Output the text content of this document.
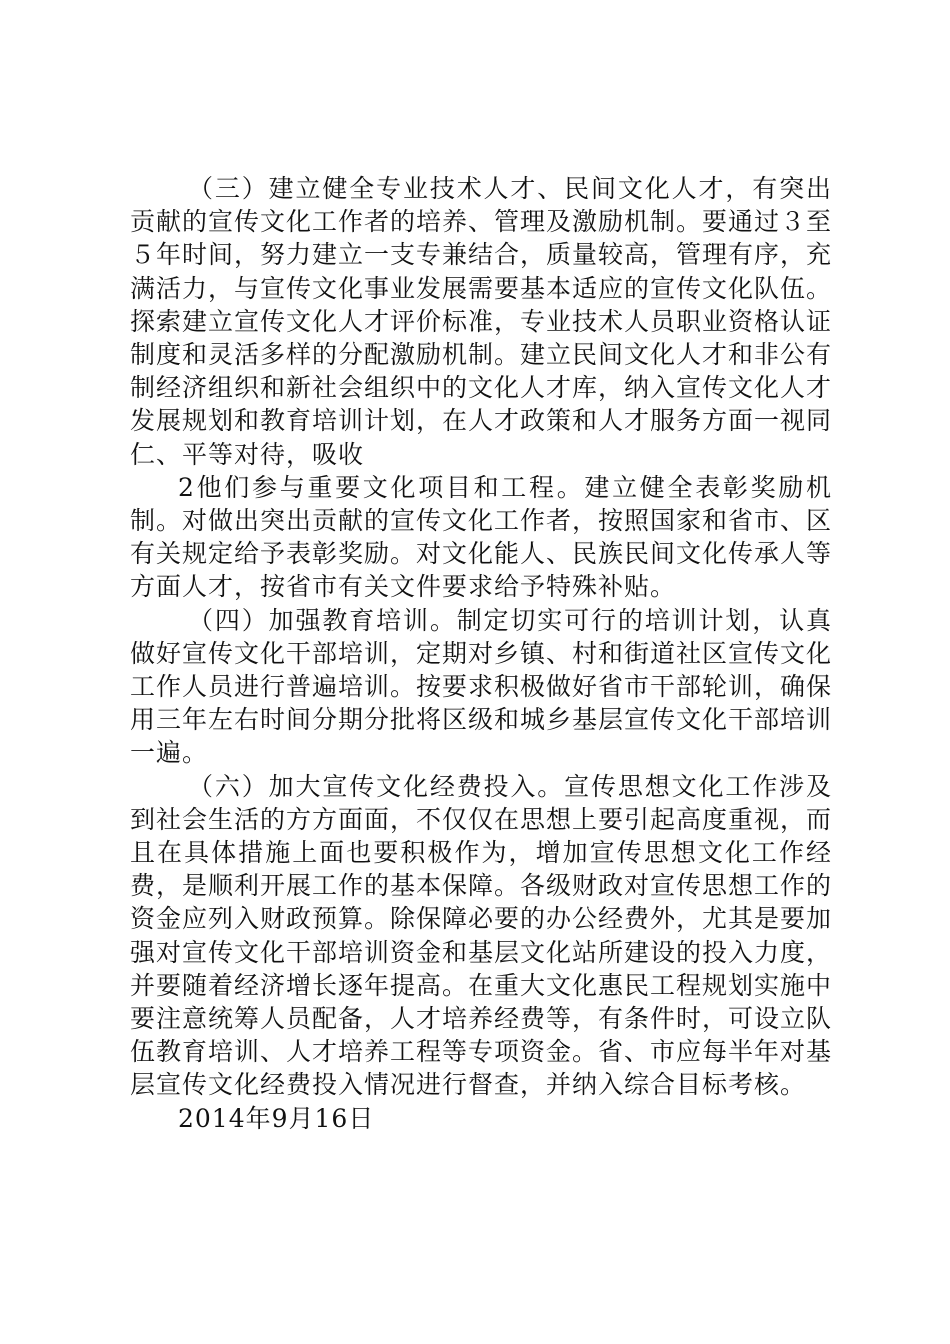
（三）建立健全专业技术人才、民间文化人才，有突出贡献的宣传文化工作者的培养、管理及激励机制。要通过３至５年时间，努力建立一支专兼结合，质量较高，管理有序，充满活力，与宣传文化事业发展需要基本适应的宣传文化队伍。探索建立宣传文化人才评价标准，专业技术人员职业资格认证制度和灵活多样的分配激励机制。建立民间文化人才和非公有制经济组织和新社会组织中的文化人才库，纳入宣传文化人才发展规划和教育培训计划，在人才政策和人才服务方面一视同仁、平等对待，吸收

2他们参与重要文化项目和工程。建立健全表彰奖励机制。对做出突出贡献的宣传文化工作者，按照国家和省市、区有关规定给予表彰奖励。对文化能人、民族民间文化传承人等方面人才，按省市有关文件要求给予特殊补贴。

（四）加强教育培训。制定切实可行的培训计划，认真做好宣传文化干部培训，定期对乡镇、村和街道社区宣传文化工作人员进行普遍培训。按要求积极做好省市干部轮训，确保用三年左右时间分期分批将区级和城乡基层宣传文化干部培训一遍。

（六）加大宣传文化经费投入。宣传思想文化工作涉及到社会生活的方方面面，不仅仅在思想上要引起高度重视，而且在具体措施上面也要积极作为，增加宣传思想文化工作经费，是顺利开展工作的基本保障。各级财政对宣传思想工作的资金应列入财政预算。除保障必要的办公经费外，尤其是要加强对宣传文化干部培训资金和基层文化站所建设的投入力度，并要随着经济增长逐年提高。在重大文化惠民工程规划实施中要注意统筹人员配备，人才培养经费等，有条件时，可设立队伍教育培训、人才培养工程等专项资金。省、市应每半年对基层宣传文化经费投入情况进行督查，并纳入综合目标考核。

2014年9月16日
